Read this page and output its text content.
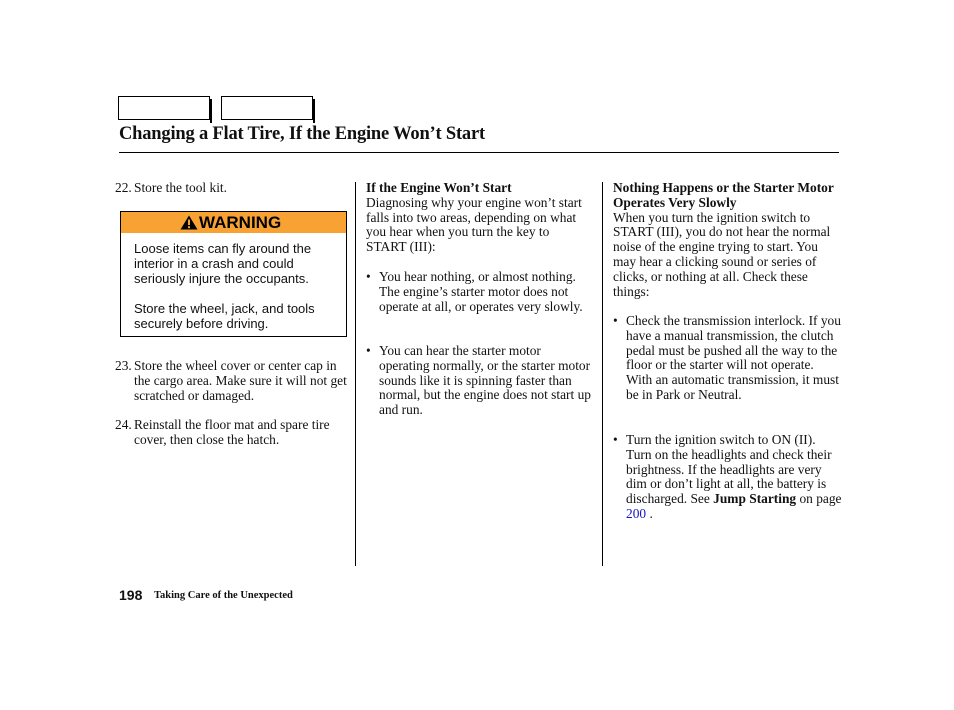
Changing a Flat Tire, If the Engine Won’t Start
22. Store the tool kit.
WARNING
Loose items can fly around the interior in a crash and could seriously injure the occupants.
Store the wheel, jack, and tools securely before driving.
23. Store the wheel cover or center cap in the cargo area. Make sure it will not get scratched or damaged.
24. Reinstall the floor mat and spare tire cover, then close the hatch.
If the Engine Won’t Start
Diagnosing why your engine won’t start falls into two areas, depending on what you hear when you turn the key to START (III):
• You hear nothing, or almost nothing. The engine’s starter motor does not operate at all, or operates very slowly.
• You can hear the starter motor operating normally, or the starter motor sounds like it is spinning faster than normal, but the engine does not start up and run.
Nothing Happens or the Starter Motor Operates Very Slowly
When you turn the ignition switch to START (III), you do not hear the normal noise of the engine trying to start. You may hear a clicking sound or series of clicks, or nothing at all. Check these things:
• Check the transmission interlock. If you have a manual transmission, the clutch pedal must be pushed all the way to the floor or the starter will not operate. With an automatic transmission, it must be in Park or Neutral.
• Turn the ignition switch to ON (II). Turn on the headlights and check their brightness. If the headlights are very dim or don’t light at all, the battery is discharged. See Jump Starting on page 200 .
198 Taking Care of the Unexpected
